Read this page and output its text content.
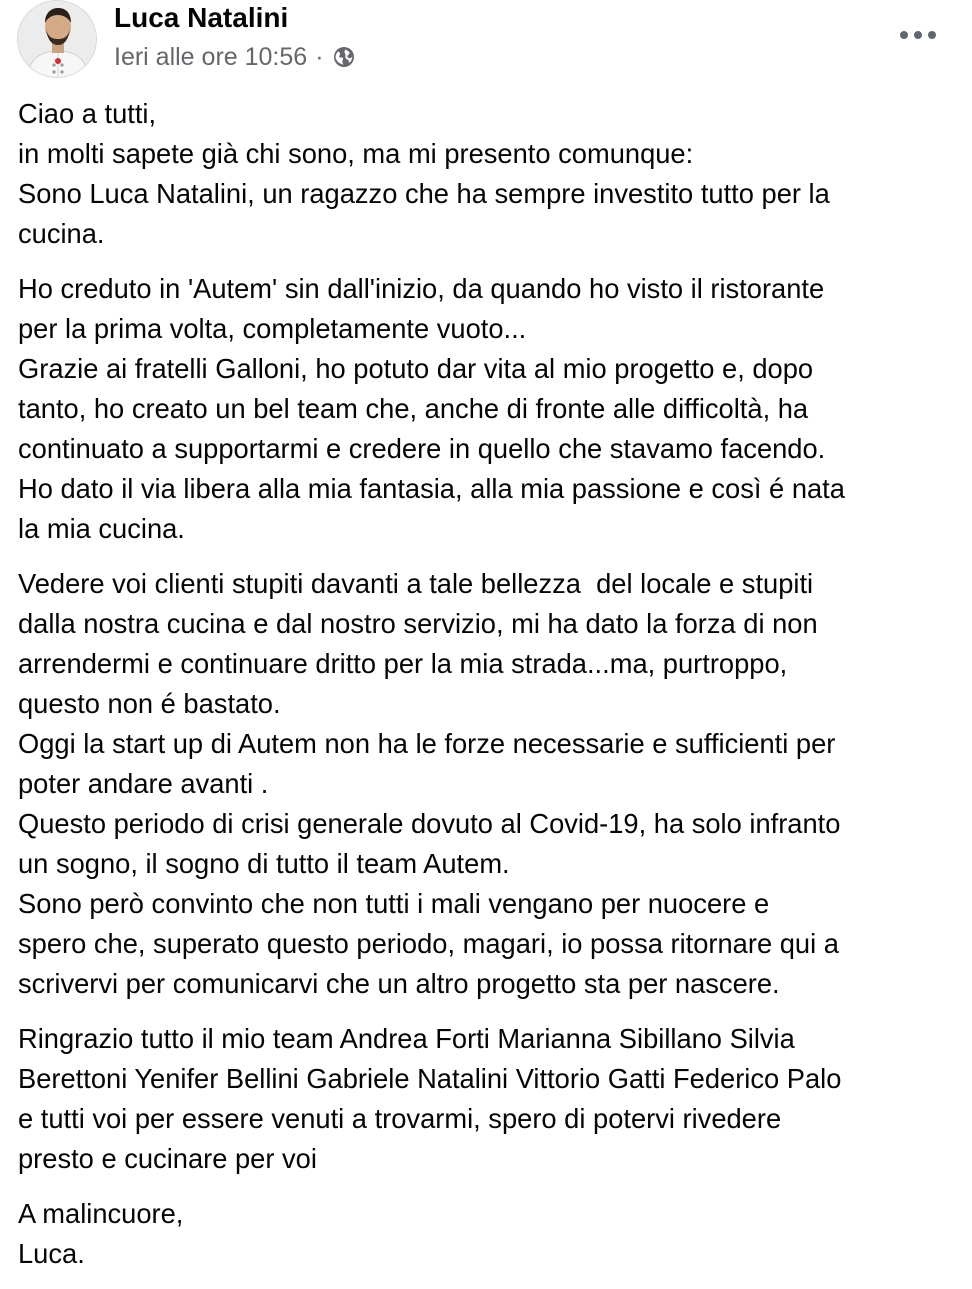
Luca Natalini
Ieri alle ore 10:56 ·
Ciao a tutti,
in molti sapete già chi sono, ma mi presento comunque:
Sono Luca Natalini, un ragazzo che ha sempre investito tutto per la
cucina.
Ho creduto in 'Autem' sin dall'inizio, da quando ho visto il ristorante
per la prima volta, completamente vuoto...
Grazie ai fratelli Galloni, ho potuto dar vita al mio progetto e, dopo
tanto, ho creato un bel team che, anche di fronte alle difficoltà, ha
continuato a supportarmi e credere in quello che stavamo facendo.
Ho dato il via libera alla mia fantasia, alla mia passione e così é nata
la mia cucina.
Vedere voi clienti stupiti davanti a tale bellezza  del locale e stupiti
dalla nostra cucina e dal nostro servizio, mi ha dato la forza di non
arrendermi e continuare dritto per la mia strada...ma, purtroppo,
questo non é bastato.
Oggi la start up di Autem non ha le forze necessarie e sufficienti per
poter andare avanti .
Questo periodo di crisi generale dovuto al Covid-19, ha solo infranto
un sogno, il sogno di tutto il team Autem.
Sono però convinto che non tutti i mali vengano per nuocere e
spero che, superato questo periodo, magari, io possa ritornare qui a
scrivervi per comunicarvi che un altro progetto sta per nascere.
Ringrazio tutto il mio team Andrea Forti Marianna Sibillano Silvia
Berettoni Yenifer Bellini Gabriele Natalini Vittorio Gatti Federico Palo
e tutti voi per essere venuti a trovarmi, spero di potervi rivedere
presto e cucinare per voi
A malincuore,
Luca.
